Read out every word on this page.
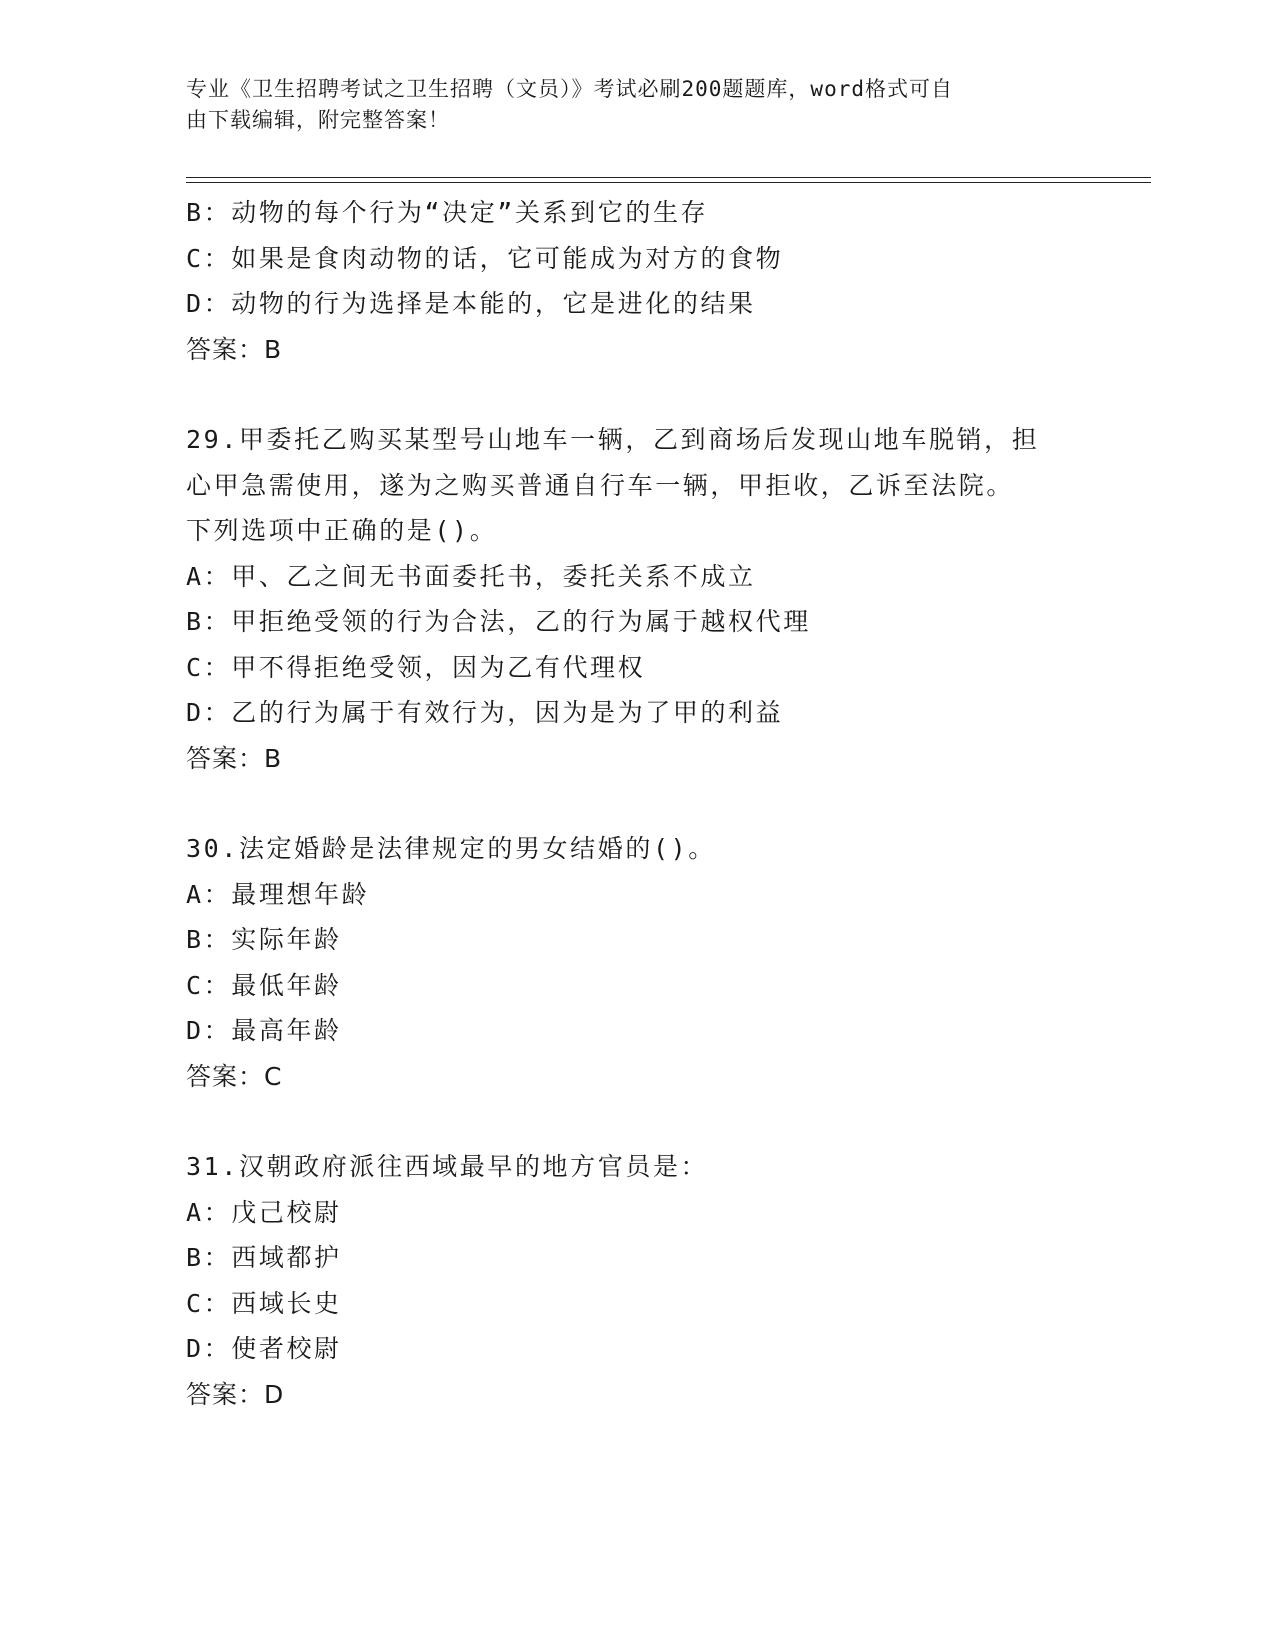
专业《卫生招聘考试之卫生招聘（文员）》考试必刷200题题库，word格式可自
由下载编辑，附完整答案！
B：动物的每个行为“决定”关系到它的生存
C：如果是食肉动物的话，它可能成为对方的食物
D：动物的行为选择是本能的，它是进化的结果
答案：B
29.甲委托乙购买某型号山地车一辆，乙到商场后发现山地车脱销，担
心甲急需使用，遂为之购买普通自行车一辆，甲拒收，乙诉至法院。
下列选项中正确的是()。
A：甲、乙之间无书面委托书，委托关系不成立
B：甲拒绝受领的行为合法，乙的行为属于越权代理
C：甲不得拒绝受领，因为乙有代理权
D：乙的行为属于有效行为，因为是为了甲的利益
答案：B
30.法定婚龄是法律规定的男女结婚的()。
A：最理想年龄
B：实际年龄
C：最低年龄
D：最高年龄
答案：C
31.汉朝政府派往西域最早的地方官员是：
A：戊己校尉
B：西域都护
C：西域长史
D：使者校尉
答案：D
